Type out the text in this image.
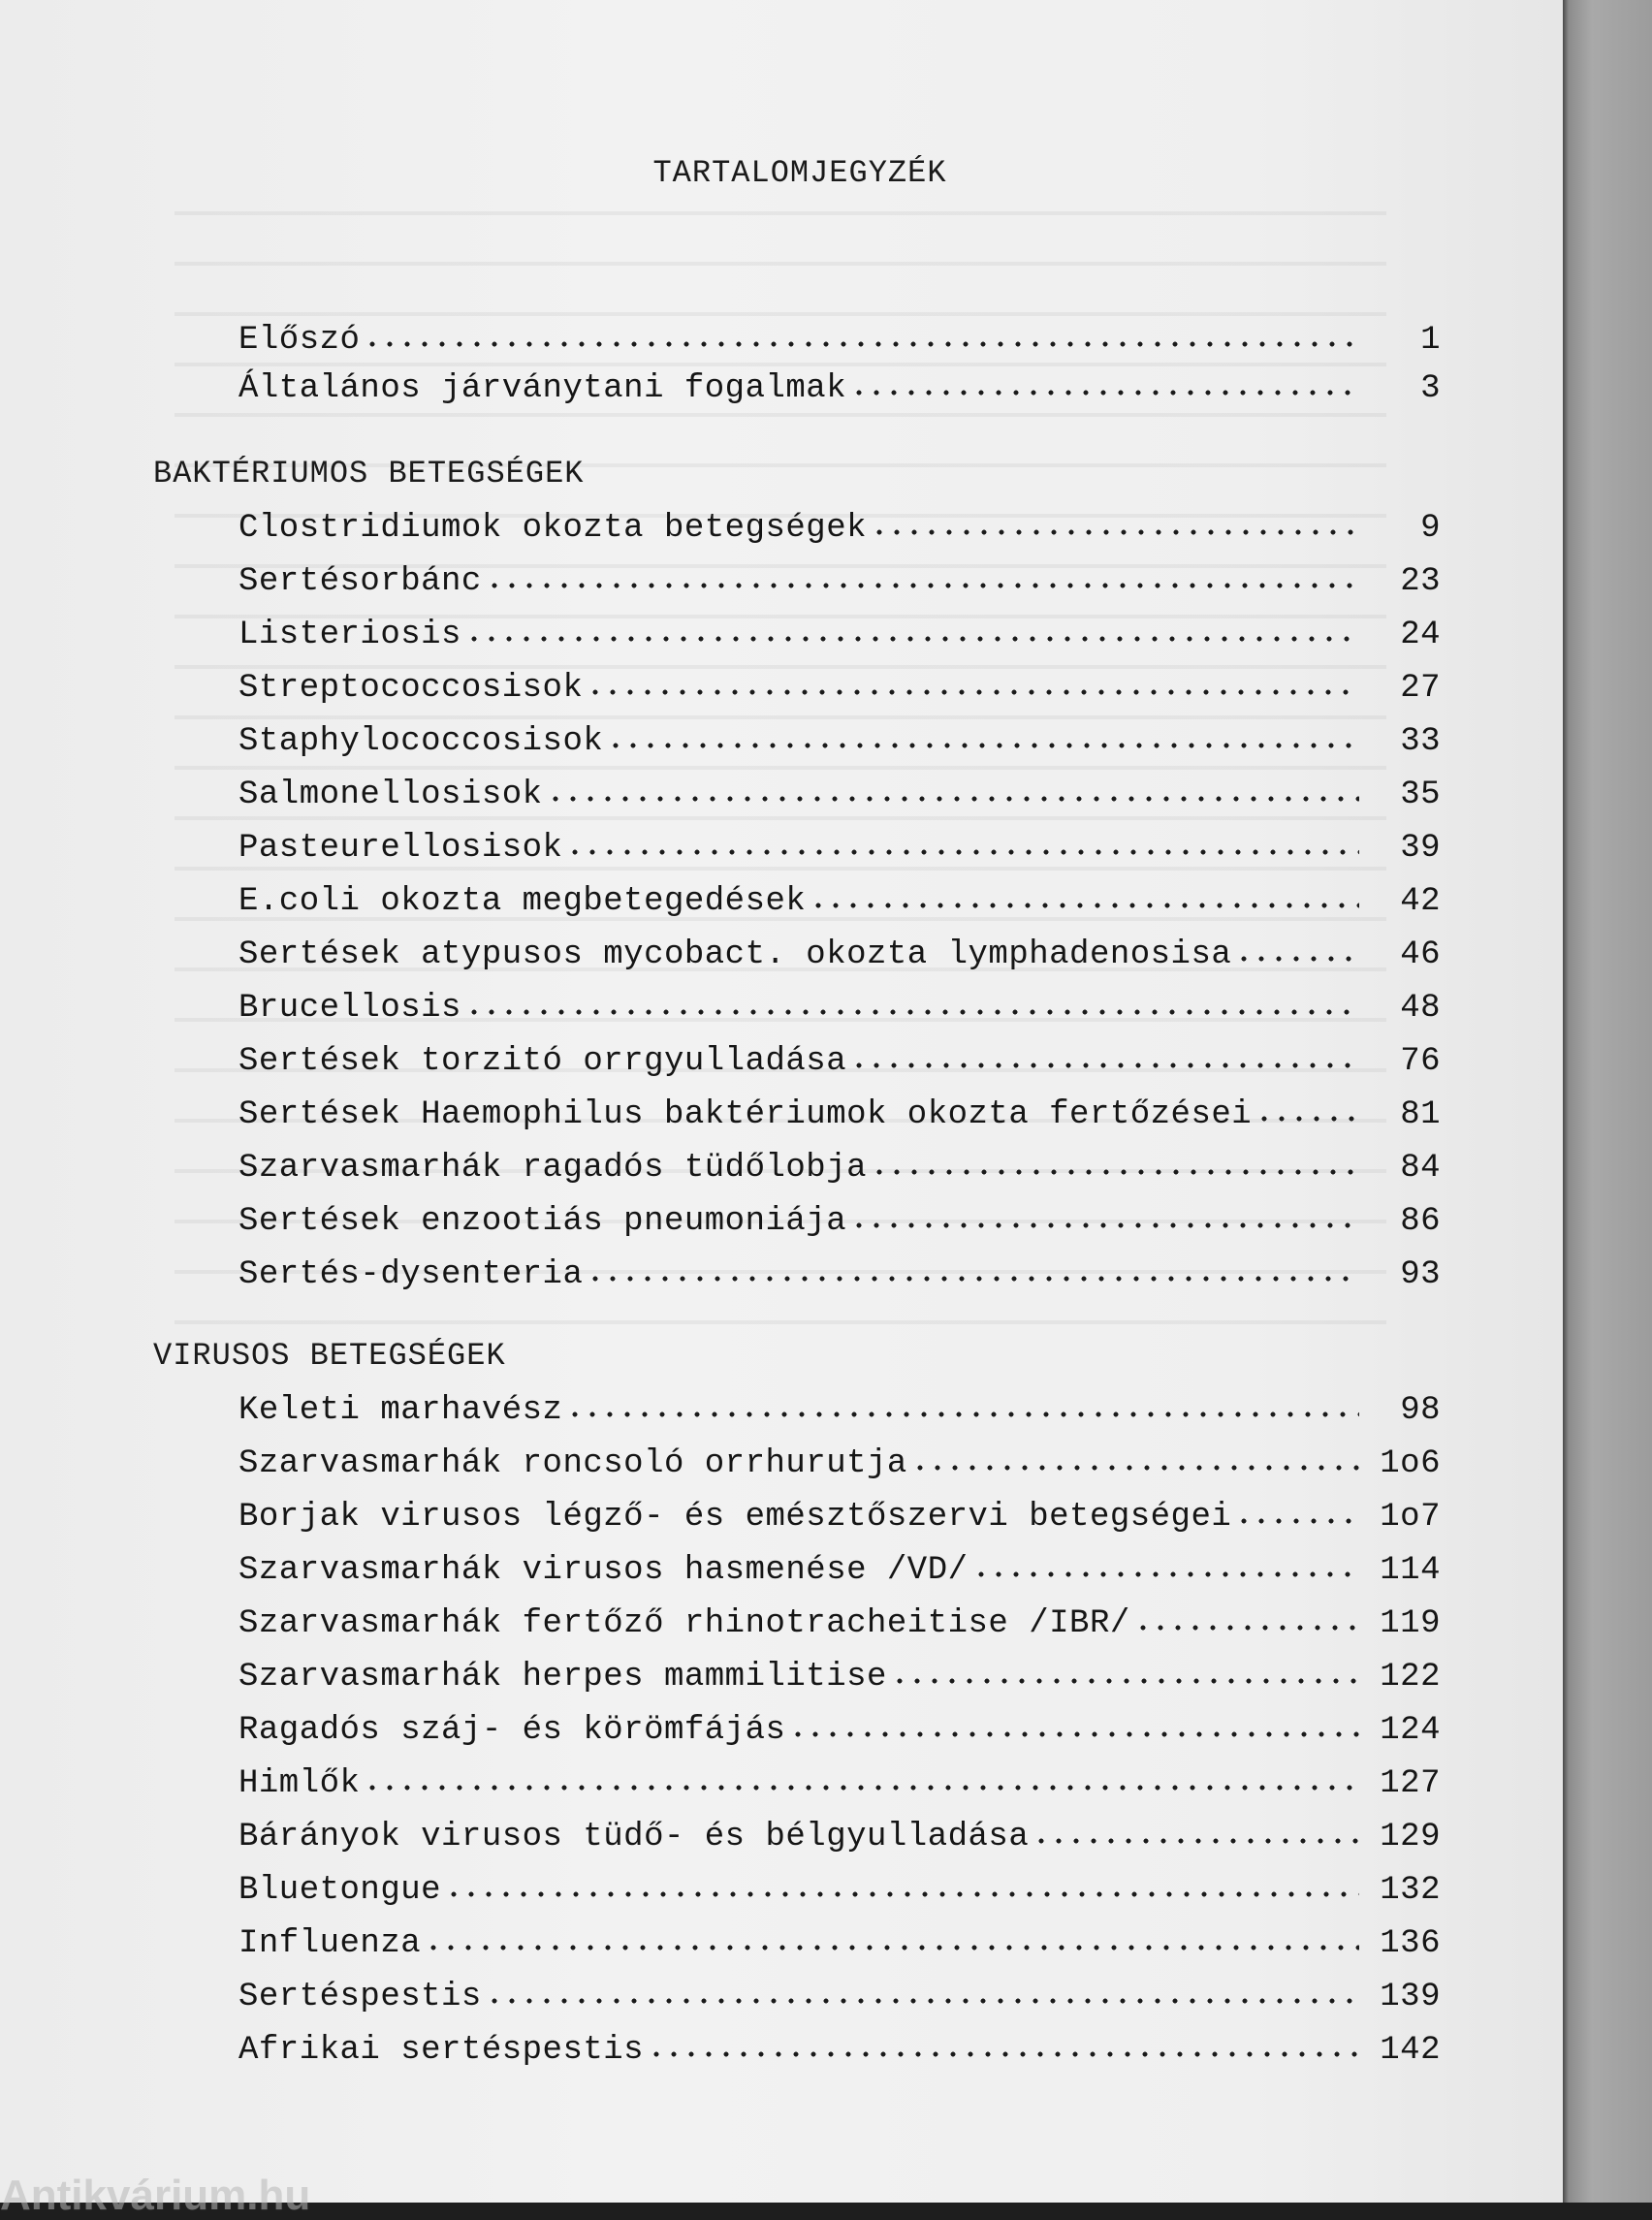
TARTALOMJEGYZÉK
Előszó	1
Általános járványtani fogalmak	3
BAKTÉRIUMOS BETEGSÉGEK
Clostridiumok okozta betegségek	9
Sertésorbánc	23
Listeriosis	24
Streptococcosisok	27
Staphylococcosisok	33
Salmonellosisok	35
Pasteurellosisok	39
E.coli okozta megbetegedések	42
Sertések atypusos mycobact. okozta lymphadenosisa	46
Brucellosis	48
Sertések torzitó orrgyulladása	76
Sertések Haemophilus baktériumok okozta fertőzései	81
Szarvasmarhák ragadós tüdőlobja	84
Sertések enzootiás pneumoniája	86
Sertés-dysenteria	93
VIRUSOS BETEGSÉGEK
Keleti marhavész	98
Szarvasmarhák roncsoló orrhurutja	1o6
Borjak virusos légző- és emésztőszervi betegségei	1o7
Szarvasmarhák virusos hasmenése /VD/	114
Szarvasmarhák fertőző rhinotracheitise /IBR/	119
Szarvasmarhák herpes mammilitise	122
Ragadós száj- és körömfájás	124
Himlők	127
Bárányok virusos tüdő- és bélgyulladása	129
Bluetongue	132
Influenza	136
Sertéspestis	139
Afrikai sertéspestis	142
Antikvárium.hu
